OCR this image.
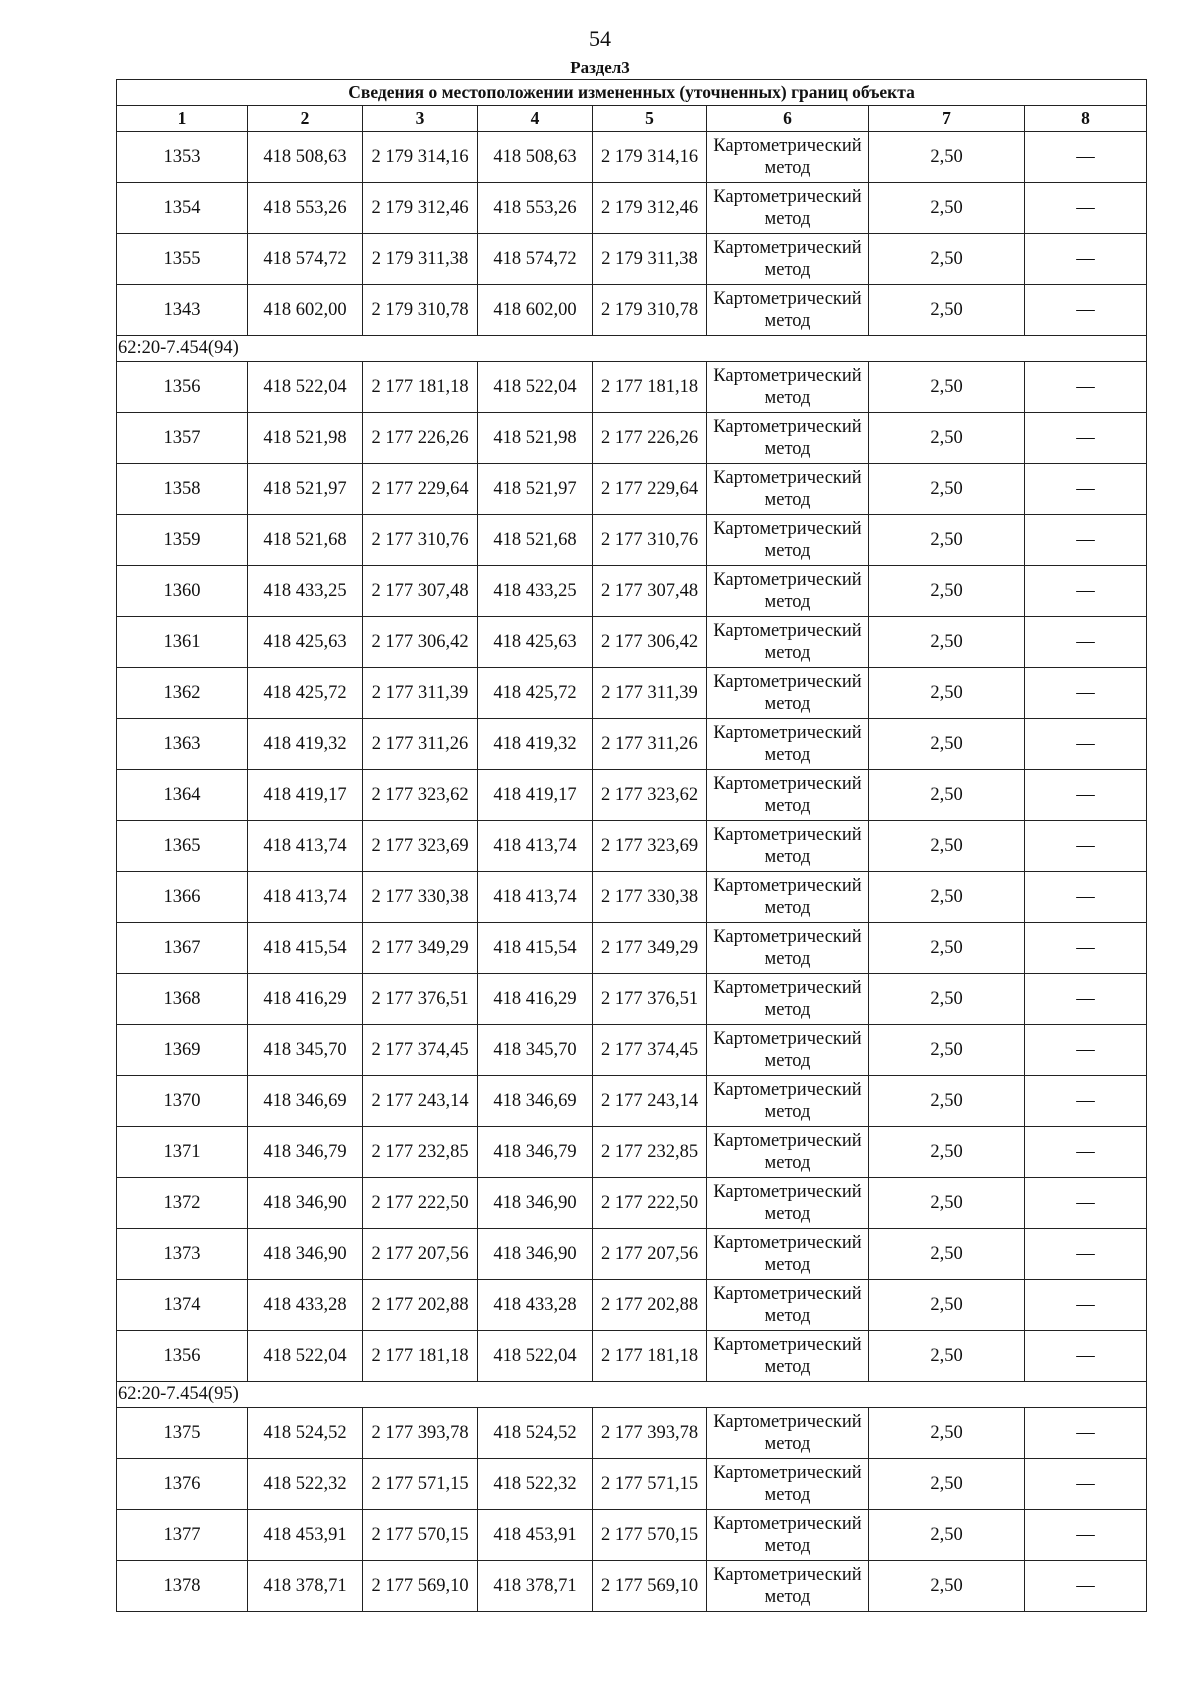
54
Раздел3
Сведения о местоположении измененных (уточненных) границ объекта							
1	2	3	4	5	6	7	8
1353	418 508,63	2 179 314,16	418 508,63	2 179 314,16	Картометрический метод	2,50	—
1354	418 553,26	2 179 312,46	418 553,26	2 179 312,46	Картометрический метод	2,50	—
1355	418 574,72	2 179 311,38	418 574,72	2 179 311,38	Картометрический метод	2,50	—
1343	418 602,00	2 179 310,78	418 602,00	2 179 310,78	Картометрический метод	2,50	—
62:20-7.454(94)							
1356	418 522,04	2 177 181,18	418 522,04	2 177 181,18	Картометрический метод	2,50	—
1357	418 521,98	2 177 226,26	418 521,98	2 177 226,26	Картометрический метод	2,50	—
1358	418 521,97	2 177 229,64	418 521,97	2 177 229,64	Картометрический метод	2,50	—
1359	418 521,68	2 177 310,76	418 521,68	2 177 310,76	Картометрический метод	2,50	—
1360	418 433,25	2 177 307,48	418 433,25	2 177 307,48	Картометрический метод	2,50	—
1361	418 425,63	2 177 306,42	418 425,63	2 177 306,42	Картометрический метод	2,50	—
1362	418 425,72	2 177 311,39	418 425,72	2 177 311,39	Картометрический метод	2,50	—
1363	418 419,32	2 177 311,26	418 419,32	2 177 311,26	Картометрический метод	2,50	—
1364	418 419,17	2 177 323,62	418 419,17	2 177 323,62	Картометрический метод	2,50	—
1365	418 413,74	2 177 323,69	418 413,74	2 177 323,69	Картометрический метод	2,50	—
1366	418 413,74	2 177 330,38	418 413,74	2 177 330,38	Картометрический метод	2,50	—
1367	418 415,54	2 177 349,29	418 415,54	2 177 349,29	Картометрический метод	2,50	—
1368	418 416,29	2 177 376,51	418 416,29	2 177 376,51	Картометрический метод	2,50	—
1369	418 345,70	2 177 374,45	418 345,70	2 177 374,45	Картометрический метод	2,50	—
1370	418 346,69	2 177 243,14	418 346,69	2 177 243,14	Картометрический метод	2,50	—
1371	418 346,79	2 177 232,85	418 346,79	2 177 232,85	Картометрический метод	2,50	—
1372	418 346,90	2 177 222,50	418 346,90	2 177 222,50	Картометрический метод	2,50	—
1373	418 346,90	2 177 207,56	418 346,90	2 177 207,56	Картометрический метод	2,50	—
1374	418 433,28	2 177 202,88	418 433,28	2 177 202,88	Картометрический метод	2,50	—
1356	418 522,04	2 177 181,18	418 522,04	2 177 181,18	Картометрический метод	2,50	—
62:20-7.454(95)							
1375	418 524,52	2 177 393,78	418 524,52	2 177 393,78	Картометрический метод	2,50	—
1376	418 522,32	2 177 571,15	418 522,32	2 177 571,15	Картометрический метод	2,50	—
1377	418 453,91	2 177 570,15	418 453,91	2 177 570,15	Картометрический метод	2,50	—
1378	418 378,71	2 177 569,10	418 378,71	2 177 569,10	Картометрический метод	2,50	—
